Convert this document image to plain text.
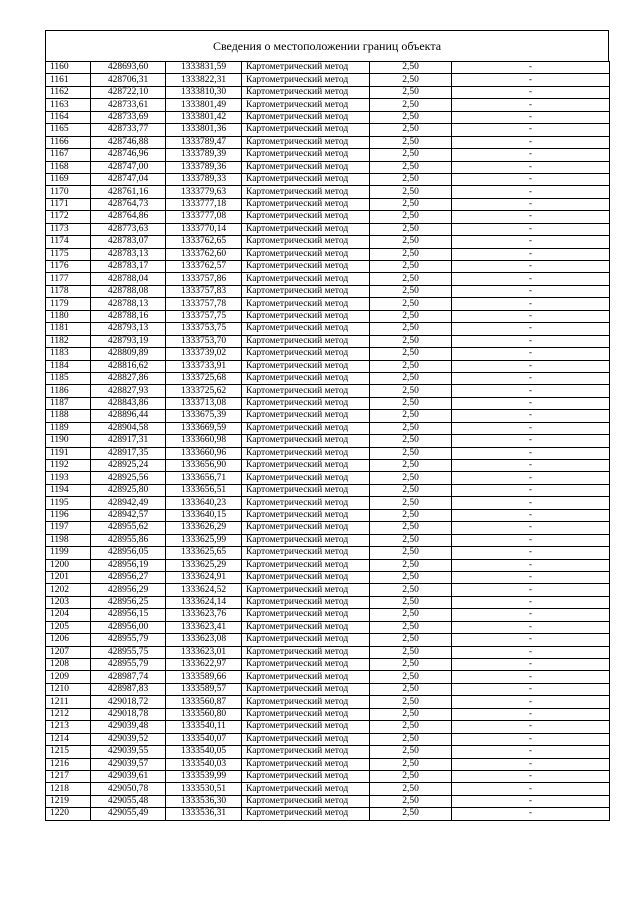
Сведения о местоположении границ объекта
1160	428693,60	1333831,59	Картометрический метод	2,50	-
1161	428706,31	1333822,31	Картометрический метод	2,50	-
1162	428722,10	1333810,30	Картометрический метод	2,50	-
1163	428733,61	1333801,49	Картометрический метод	2,50	-
1164	428733,69	1333801,42	Картометрический метод	2,50	-
1165	428733,77	1333801,36	Картометрический метод	2,50	-
1166	428746,88	1333789,47	Картометрический метод	2,50	-
1167	428746,96	1333789,39	Картометрический метод	2,50	-
1168	428747,00	1333789,36	Картометрический метод	2,50	-
1169	428747,04	1333789,33	Картометрический метод	2,50	-
1170	428761,16	1333779,63	Картометрический метод	2,50	-
1171	428764,73	1333777,18	Картометрический метод	2,50	-
1172	428764,86	1333777,08	Картометрический метод	2,50	-
1173	428773,63	1333770,14	Картометрический метод	2,50	-
1174	428783,07	1333762,65	Картометрический метод	2,50	-
1175	428783,13	1333762,60	Картометрический метод	2,50	-
1176	428783,17	1333762,57	Картометрический метод	2,50	-
1177	428788,04	1333757,86	Картометрический метод	2,50	-
1178	428788,08	1333757,83	Картометрический метод	2,50	-
1179	428788,13	1333757,78	Картометрический метод	2,50	-
1180	428788,16	1333757,75	Картометрический метод	2,50	-
1181	428793,13	1333753,75	Картометрический метод	2,50	-
1182	428793,19	1333753,70	Картометрический метод	2,50	-
1183	428809,89	1333739,02	Картометрический метод	2,50	-
1184	428816,62	1333733,91	Картометрический метод	2,50	-
1185	428827,86	1333725,68	Картометрический метод	2,50	-
1186	428827,93	1333725,62	Картометрический метод	2,50	-
1187	428843,86	1333713,08	Картометрический метод	2,50	-
1188	428896,44	1333675,39	Картометрический метод	2,50	-
1189	428904,58	1333669,59	Картометрический метод	2,50	-
1190	428917,31	1333660,98	Картометрический метод	2,50	-
1191	428917,35	1333660,96	Картометрический метод	2,50	-
1192	428925,24	1333656,90	Картометрический метод	2,50	-
1193	428925,56	1333656,71	Картометрический метод	2,50	-
1194	428925,80	1333656,51	Картометрический метод	2,50	-
1195	428942,49	1333640,23	Картометрический метод	2,50	-
1196	428942,57	1333640,15	Картометрический метод	2,50	-
1197	428955,62	1333626,29	Картометрический метод	2,50	-
1198	428955,86	1333625,99	Картометрический метод	2,50	-
1199	428956,05	1333625,65	Картометрический метод	2,50	-
1200	428956,19	1333625,29	Картометрический метод	2,50	-
1201	428956,27	1333624,91	Картометрический метод	2,50	-
1202	428956,29	1333624,52	Картометрический метод	2,50	-
1203	428956,25	1333624,14	Картометрический метод	2,50	-
1204	428956,15	1333623,76	Картометрический метод	2,50	-
1205	428956,00	1333623,41	Картометрический метод	2,50	-
1206	428955,79	1333623,08	Картометрический метод	2,50	-
1207	428955,75	1333623,01	Картометрический метод	2,50	-
1208	428955,79	1333622,97	Картометрический метод	2,50	-
1209	428987,74	1333589,66	Картометрический метод	2,50	-
1210	428987,83	1333589,57	Картометрический метод	2,50	-
1211	429018,72	1333560,87	Картометрический метод	2,50	-
1212	429018,78	1333560,80	Картометрический метод	2,50	-
1213	429039,48	1333540,11	Картометрический метод	2,50	-
1214	429039,52	1333540,07	Картометрический метод	2,50	-
1215	429039,55	1333540,05	Картометрический метод	2,50	-
1216	429039,57	1333540,03	Картометрический метод	2,50	-
1217	429039,61	1333539,99	Картометрический метод	2,50	-
1218	429050,78	1333530,51	Картометрический метод	2,50	-
1219	429055,48	1333536,30	Картометрический метод	2,50	-
1220	429055,49	1333536,31	Картометрический метод	2,50	-
